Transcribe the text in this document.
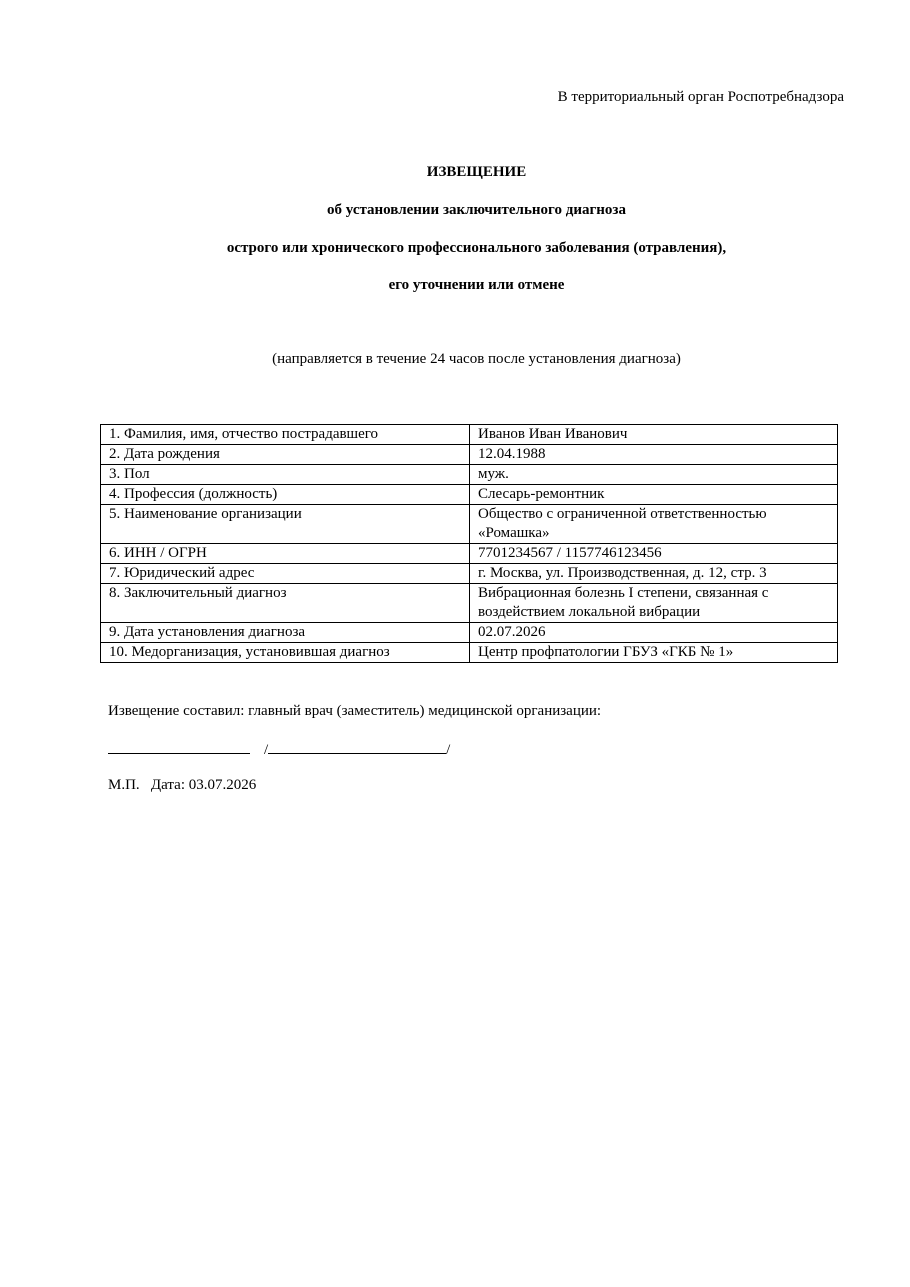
В территориальный орган Роспотребнадзора
ИЗВЕЩЕНИЕ
об установлении заключительного диагноза
острого или хронического профессионального заболевания (отравления),
его уточнении или отмене
(направляется в течение 24 часов после установления диагноза)
1. Фамилия, имя, отчество пострадавшего	Иванов Иван Иванович
2. Дата рождения	12.04.1988
3. Пол	муж.
4. Профессия (должность)	Слесарь-ремонтник
5. Наименование организации	Общество с ограниченной ответственностью «Ромашка»
6. ИНН / ОГРН	7701234567 / 1157746123456
7. Юридический адрес	г. Москва, ул. Производственная, д. 12, стр. 3
8. Заключительный диагноз	Вибрационная болезнь I степени, связанная с воздействием локальной вибрации
9. Дата установления диагноза	02.07.2026
10. Медорганизация, установившая диагноз	Центр профпатологии ГБУЗ «ГКБ № 1»
Извещение составил: главный врач (заместитель) медицинской организации:
/	/
М.П. Дата: 03.07.2026
